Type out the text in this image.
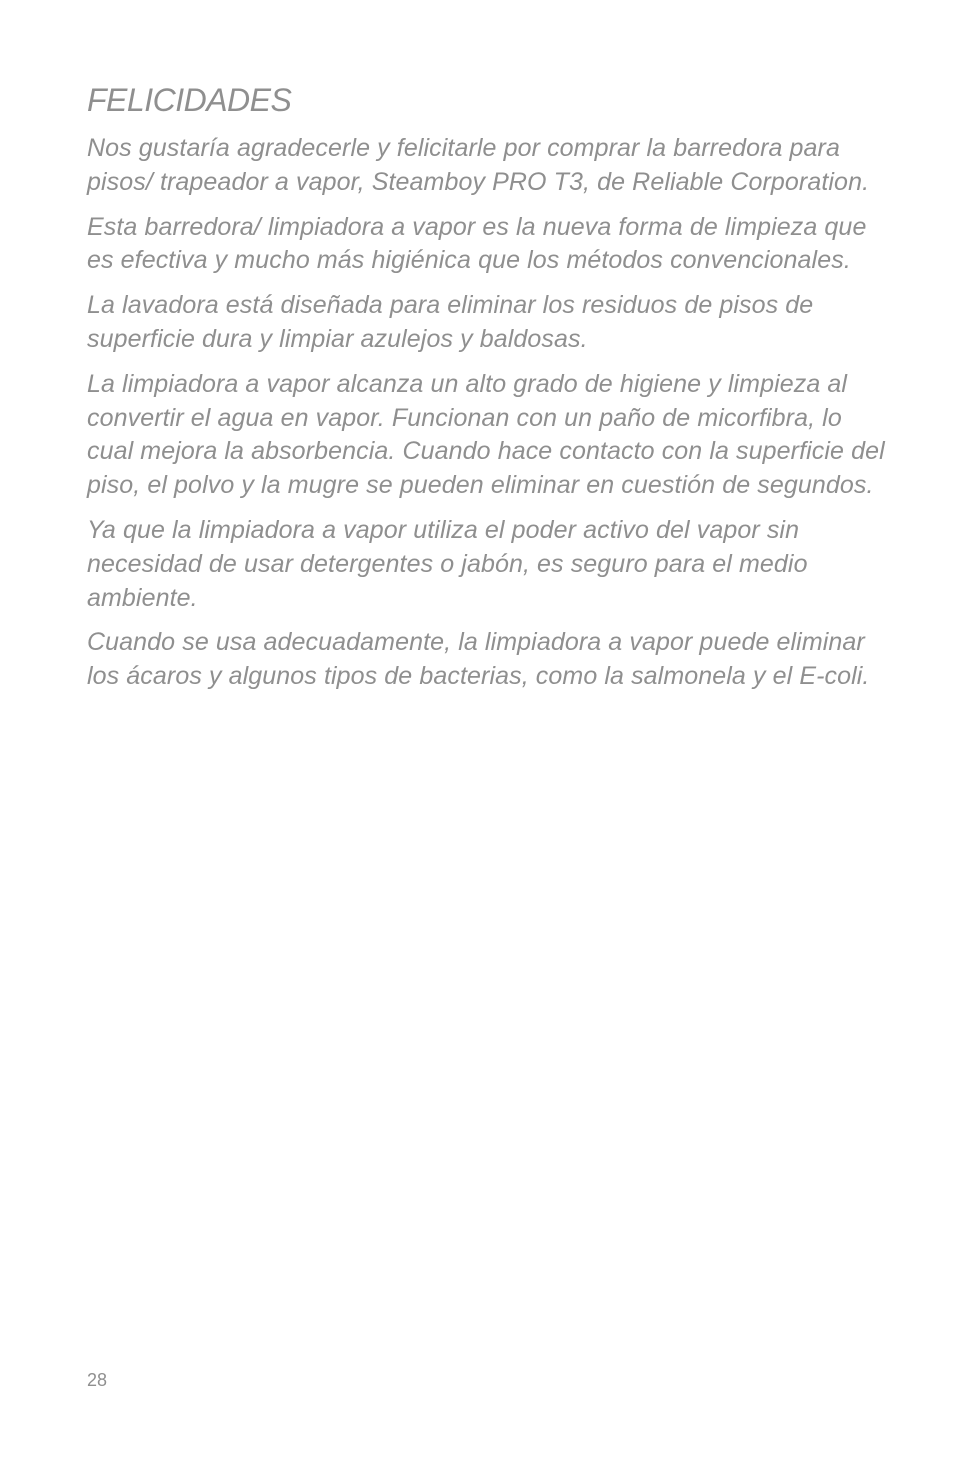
FELICIDADES

Nos gustaría agradecerle y felicitarle por comprar la barredora para pisos/ trapeador a vapor, Steamboy PRO T3, de Reliable Corporation.

Esta barredora/ limpiadora a vapor es la nueva forma de limpieza que es efectiva y mucho más higiénica que los métodos convencionales.

La lavadora está diseñada para eliminar los residuos de pisos de superficie dura y limpiar azulejos y baldosas.

La limpiadora a vapor alcanza un alto grado de higiene y limpieza al convertir el agua en vapor. Funcionan con un paño de micorfibra, lo cual mejora la absorbencia. Cuando hace contacto con la superficie del piso, el polvo y la mugre se pueden eliminar en cuestión de segundos.

Ya que la limpiadora a vapor utiliza el poder activo del vapor sin necesidad de usar detergentes o jabón, es seguro para el medio ambiente.

Cuando se usa adecuadamente, la limpiadora a vapor puede eliminar los ácaros y algunos tipos de bacterias, como la salmonela y el E-coli.

28
